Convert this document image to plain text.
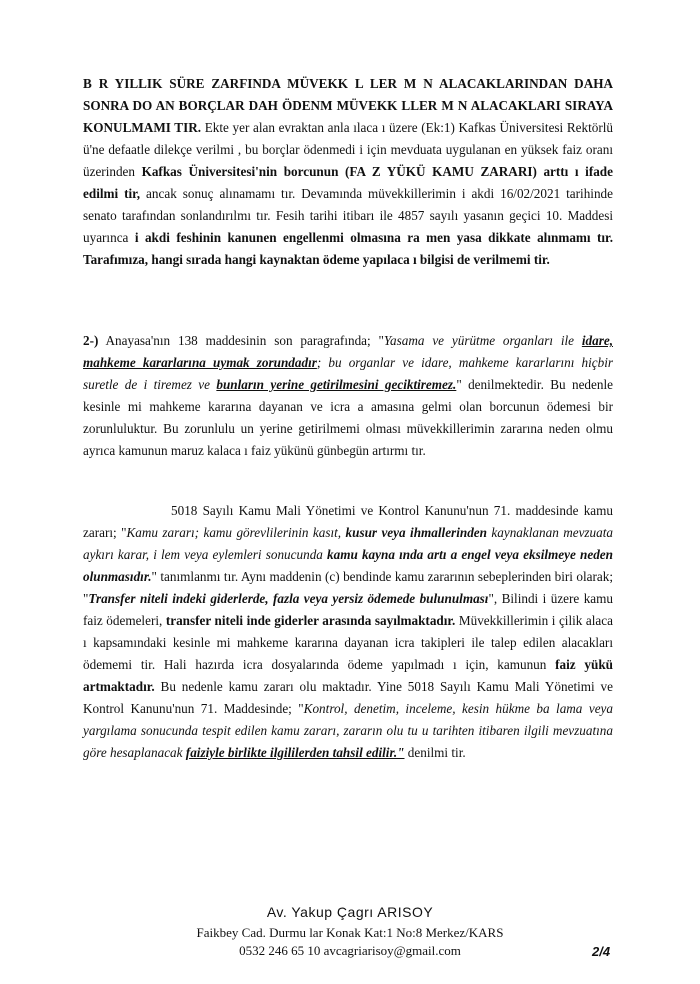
B R YILLIK SÜRE ZARFINDA MÜVEKK L LER M N ALACAKLARINDAN DAHA SONRA DO AN BORÇLAR DAH ÖDENM MÜVEKK LLER M N ALACAKLARI SIRAYA KONULMAMI TIR. Ekte yer alan evraktan anla ılaca ı üzere (Ek:1) Kafkas Üniversitesi Rektörlü ü'ne defaatle dilekçe verilmi , bu borçlar ödenmedi i için mevduata uygulanan en yüksek faiz oranı üzerinden Kafkas Üniversitesi'nin borcunun (FA Z YÜKÜ KAMU ZARARI) arttı ı ifade edilmi tir, ancak sonuç alınamamı tır. Devamında müvekkillerimin i akdi 16/02/2021 tarihinde senato tarafından sonlandırılmı tır. Fesih tarihi itibarı ile 4857 sayılı yasanın geçici 10. Maddesi uyarınca i akdi feshinin kanunen engellenmi olmasına ra men yasa dikkate alınmamı tır. Tarafımıza, hangi sırada hangi kaynaktan ödeme yapılaca ı bilgisi de verilmemi tir.

2-) Anayasa'nın 138 maddesinin son paragrafında; "Yasama ve yürütme organları ile idare, mahkeme kararlarına uymak zorundadır; bu organlar ve idare, mahkeme kararlarını hiçbir suretle de i tiremez ve bunların yerine getirilmesini geciktiremez." denilmektedir. Bu nedenle kesinle mi mahkeme kararına dayanan ve icra a amasına gelmi olan borcunun ödemesi bir zorunluluktur. Bu zorunlulu un yerine getirilmemi olması müvekkillerimin zararına neden olmu ayrıca kamunun maruz kalaca ı faiz yükünü günbegün artırmı tır.

5018 Sayılı Kamu Mali Yönetimi ve Kontrol Kanunu'nun 71. maddesinde kamu zararı; "Kamu zararı; kamu görevlilerinin kasıt, kusur veya ihmallerinden kaynaklanan mevzuata aykırı karar, i lem veya eylemleri sonucunda kamu kayna ında artı a engel veya eksilmeye neden olunmasıdır." tanımlanmı tır. Aynı maddenin (c) bendinde kamu zararının sebeplerinden biri olarak; "Transfer niteli indeki giderlerde, fazla veya yersiz ödemede bulunulması", Bilindi i üzere kamu faiz ödemeleri, transfer niteli inde giderler arasında sayılmaktadır. Müvekkillerimin i çilik alaca ı kapsamındaki kesinle mi mahkeme kararına dayanan icra takipleri ile talep edilen alacakları ödememi tir. Hali hazırda icra dosyalarında ödeme yapılmadı ı için, kamunun faiz yükü artmaktadır. Bu nedenle kamu zararı olu maktadır. Yine 5018 Sayılı Kamu Mali Yönetimi ve Kontrol Kanunu'nun 71. Maddesinde; "Kontrol, denetim, inceleme, kesin hükme ba lama veya yargılama sonucunda tespit edilen kamu zararı, zararın olu tu u tarihten itibaren ilgili mevzuatına göre hesaplanacak faiziyle birlikte ilgililerden tahsil edilir." denilmi tir.

Av. Yakup Çagrı ARISOY
Faikbey Cad. Durmu lar Konak Kat:1 No:8 Merkez/KARS
0532 246 65 10 avcagriarisoy@gmail.com	2/4
